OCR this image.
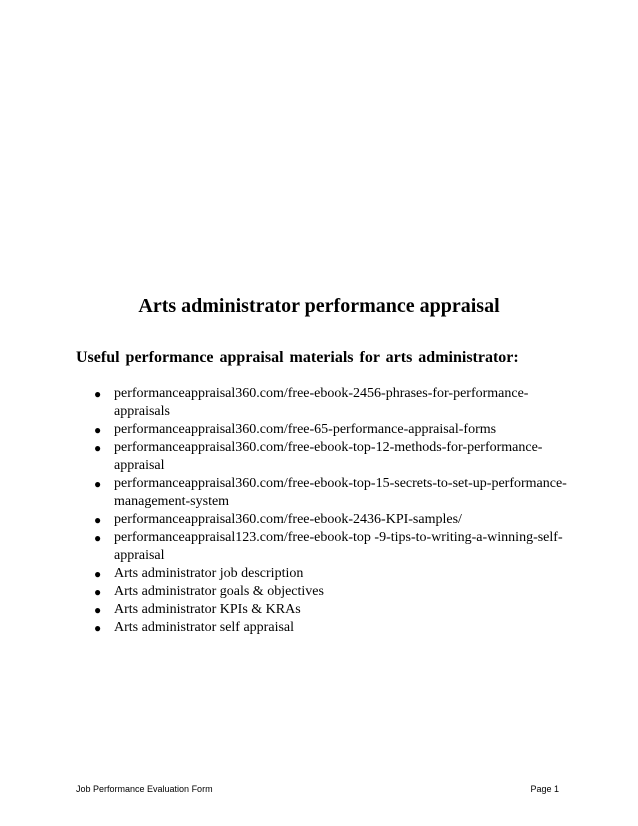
Arts administrator performance appraisal
Useful performance appraisal materials for arts administrator:
● performanceappraisal360.com/free-ebook-2456-phrases-for-performance-appraisals
● performanceappraisal360.com/free-65-performance-appraisal-forms
● performanceappraisal360.com/free-ebook-top-12-methods-for-performance-appraisal
● performanceappraisal360.com/free-ebook-top-15-secrets-to-set-up-performance-management-system
● performanceappraisal360.com/free-ebook-2436-KPI-samples/
● performanceappraisal123.com/free-ebook-top -9-tips-to-writing-a-winning-self-appraisal
● Arts administrator job description
● Arts administrator goals & objectives
● Arts administrator KPIs & KRAs
● Arts administrator self appraisal
Job Performance Evaluation Form	Page 1
